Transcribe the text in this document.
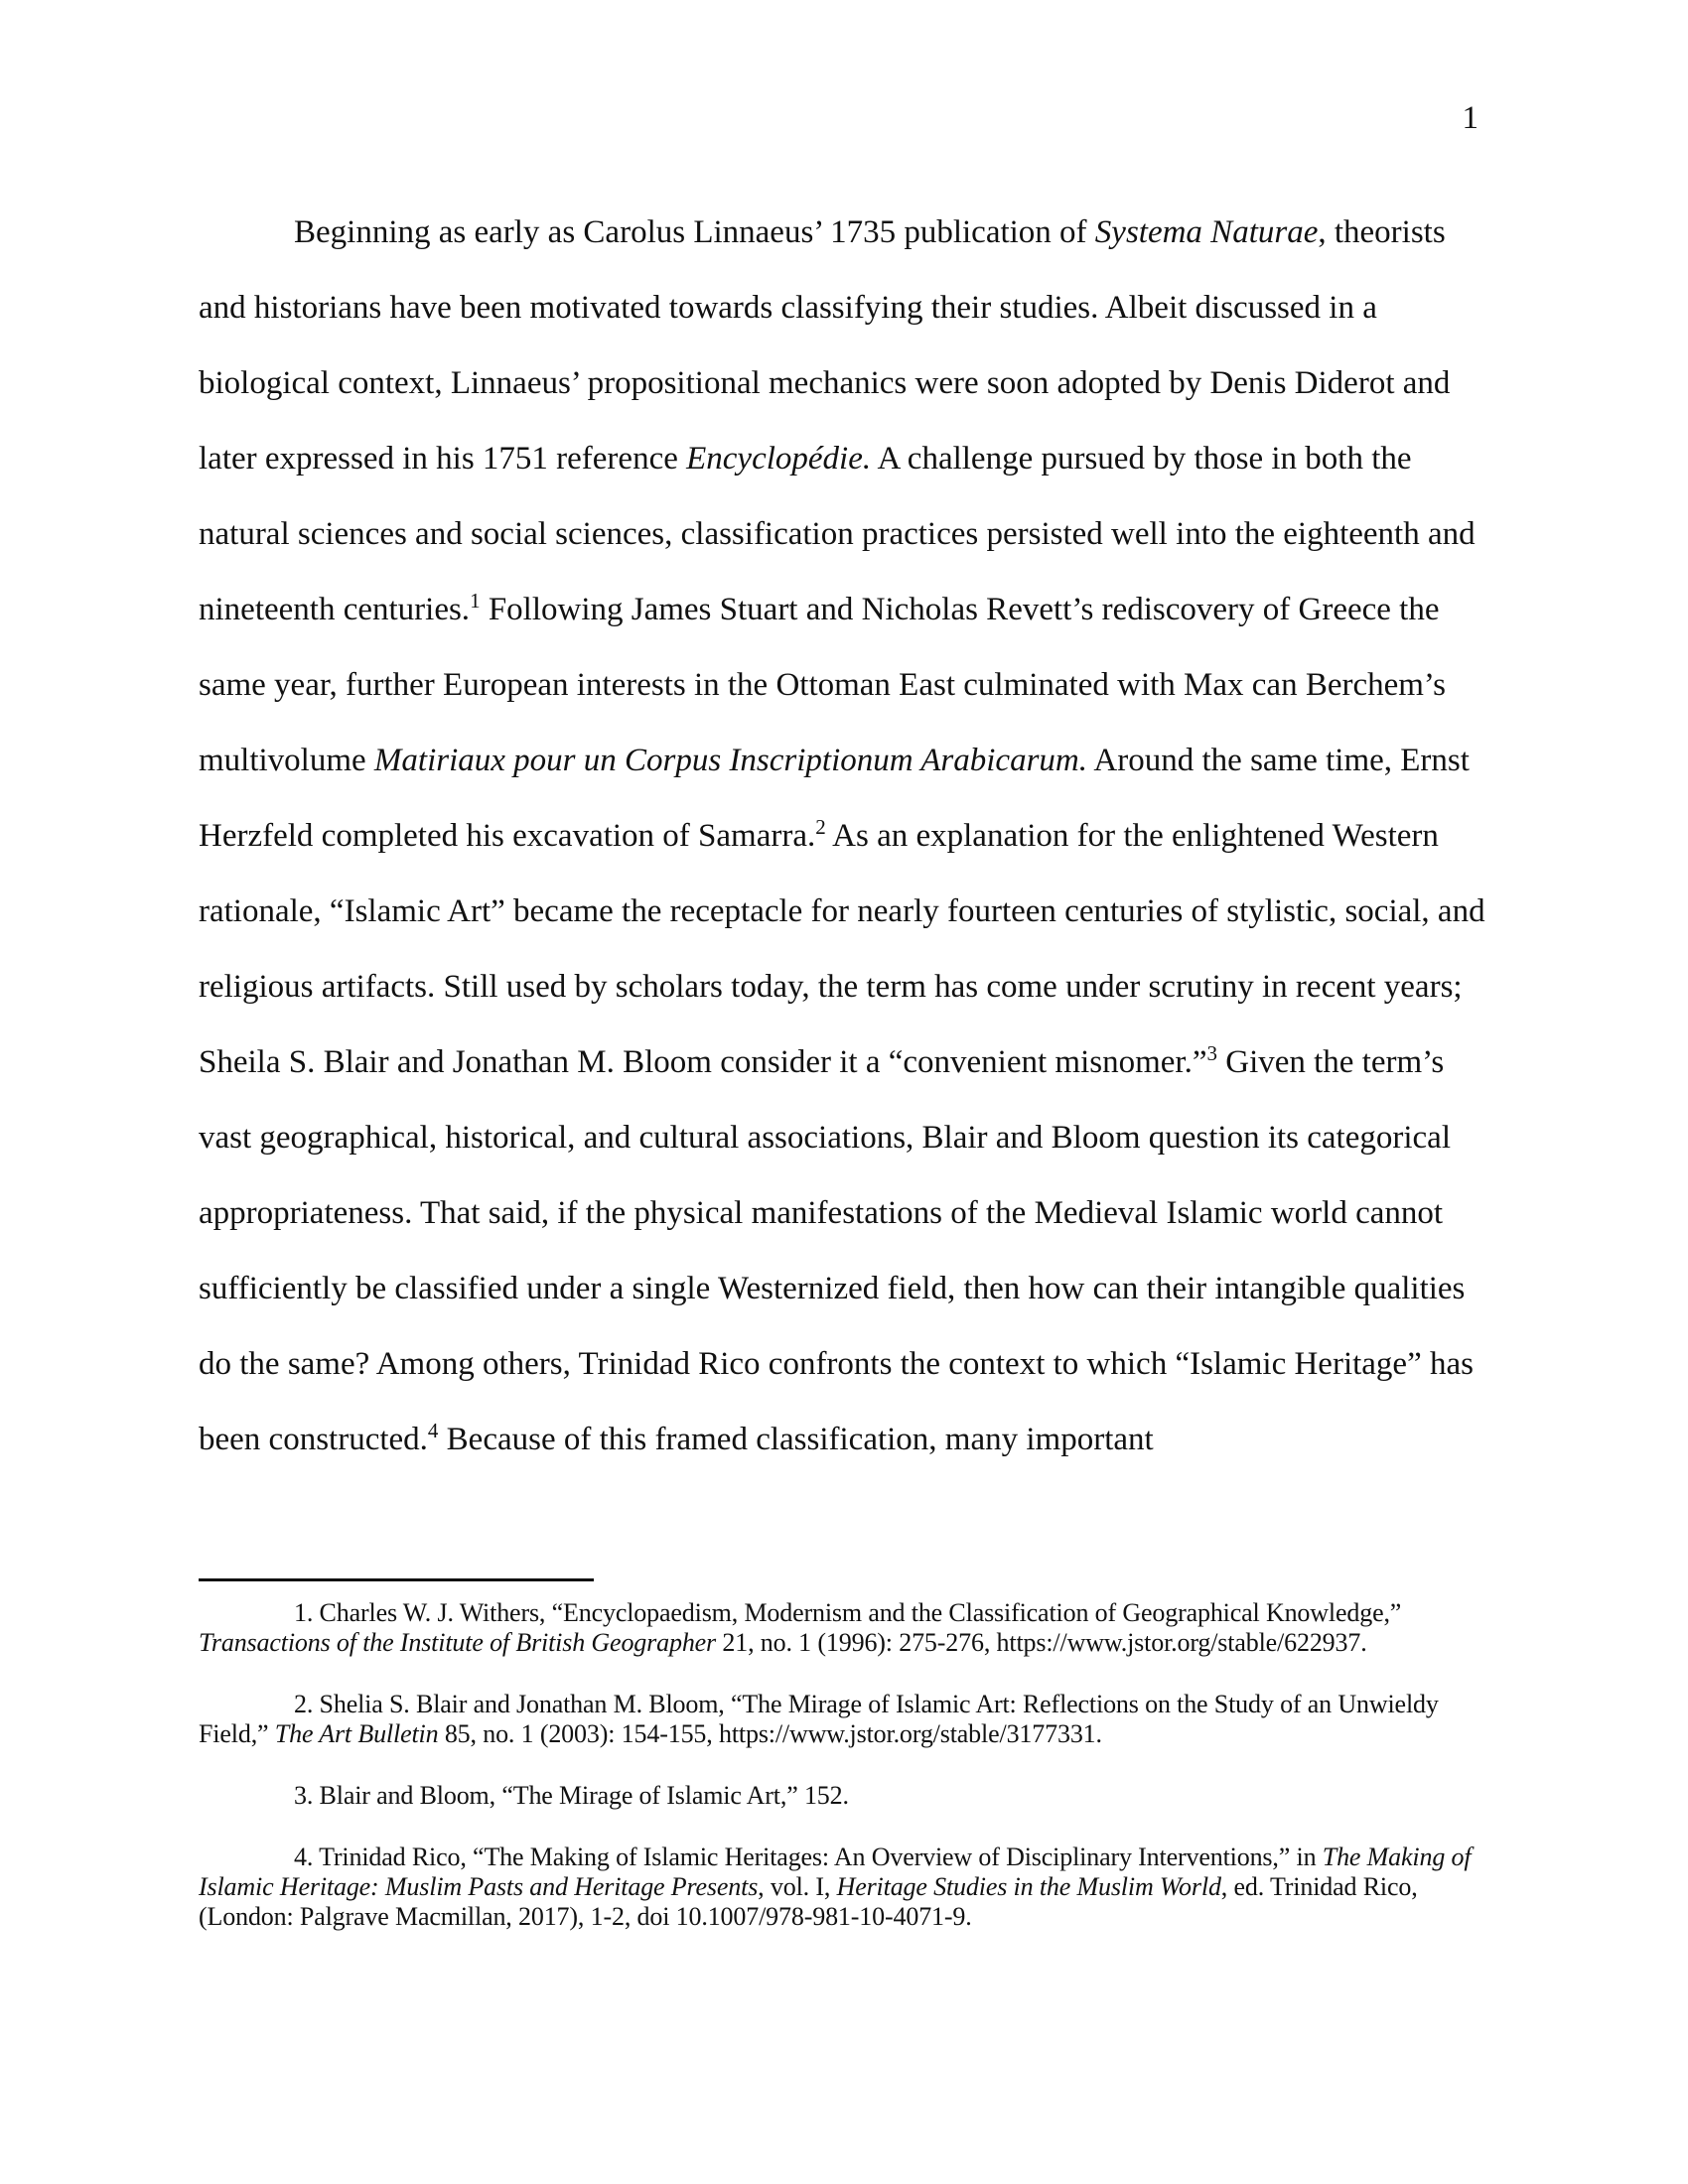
1

Beginning as early as Carolus Linnaeus’ 1735 publication of Systema Naturae, theorists and historians have been motivated towards classifying their studies. Albeit discussed in a biological context, Linnaeus’ propositional mechanics were soon adopted by Denis Diderot and later expressed in his 1751 reference Encyclopédie. A challenge pursued by those in both the natural sciences and social sciences, classification practices persisted well into the eighteenth and nineteenth centuries.$^1$ Following James Stuart and Nicholas Revett’s rediscovery of Greece the same year, further European interests in the Ottoman East culminated with Max can Berchem’s multivolume Matiriaux pour un Corpus Inscriptionum Arabicarum. Around the same time, Ernst Herzfeld completed his excavation of Samarra.$^2$ As an explanation for the enlightened Western rationale, “Islamic Art” became the receptacle for nearly fourteen centuries of stylistic, social, and religious artifacts. Still used by scholars today, the term has come under scrutiny in recent years; Sheila S. Blair and Jonathan M. Bloom consider it a “convenient misnomer.”$^3$ Given the term’s vast geographical, historical, and cultural associations, Blair and Bloom question its categorical appropriateness. That said, if the physical manifestations of the Medieval Islamic world cannot sufficiently be classified under a single Westernized field, then how can their intangible qualities do the same? Among others, Trinidad Rico confronts the context to which “Islamic Heritage” has been constructed.$^4$ Because of this framed classification, many important

1. Charles W. J. Withers, “Encyclopaedism, Modernism and the Classification of Geographical Knowledge,” Transactions of the Institute of British Geographer 21, no. 1 (1996): 275-276, https://www.jstor.org/stable/622937.

2. Shelia S. Blair and Jonathan M. Bloom, “The Mirage of Islamic Art: Reflections on the Study of an Unwieldy Field,” The Art Bulletin 85, no. 1 (2003): 154-155, https://www.jstor.org/stable/3177331.

3. Blair and Bloom, “The Mirage of Islamic Art,” 152.

4. Trinidad Rico, “The Making of Islamic Heritages: An Overview of Disciplinary Interventions,” in The Making of Islamic Heritage: Muslim Pasts and Heritage Presents, vol. I, Heritage Studies in the Muslim World, ed. Trinidad Rico, (London: Palgrave Macmillan, 2017), 1-2, doi 10.1007/978-981-10-4071-9.
